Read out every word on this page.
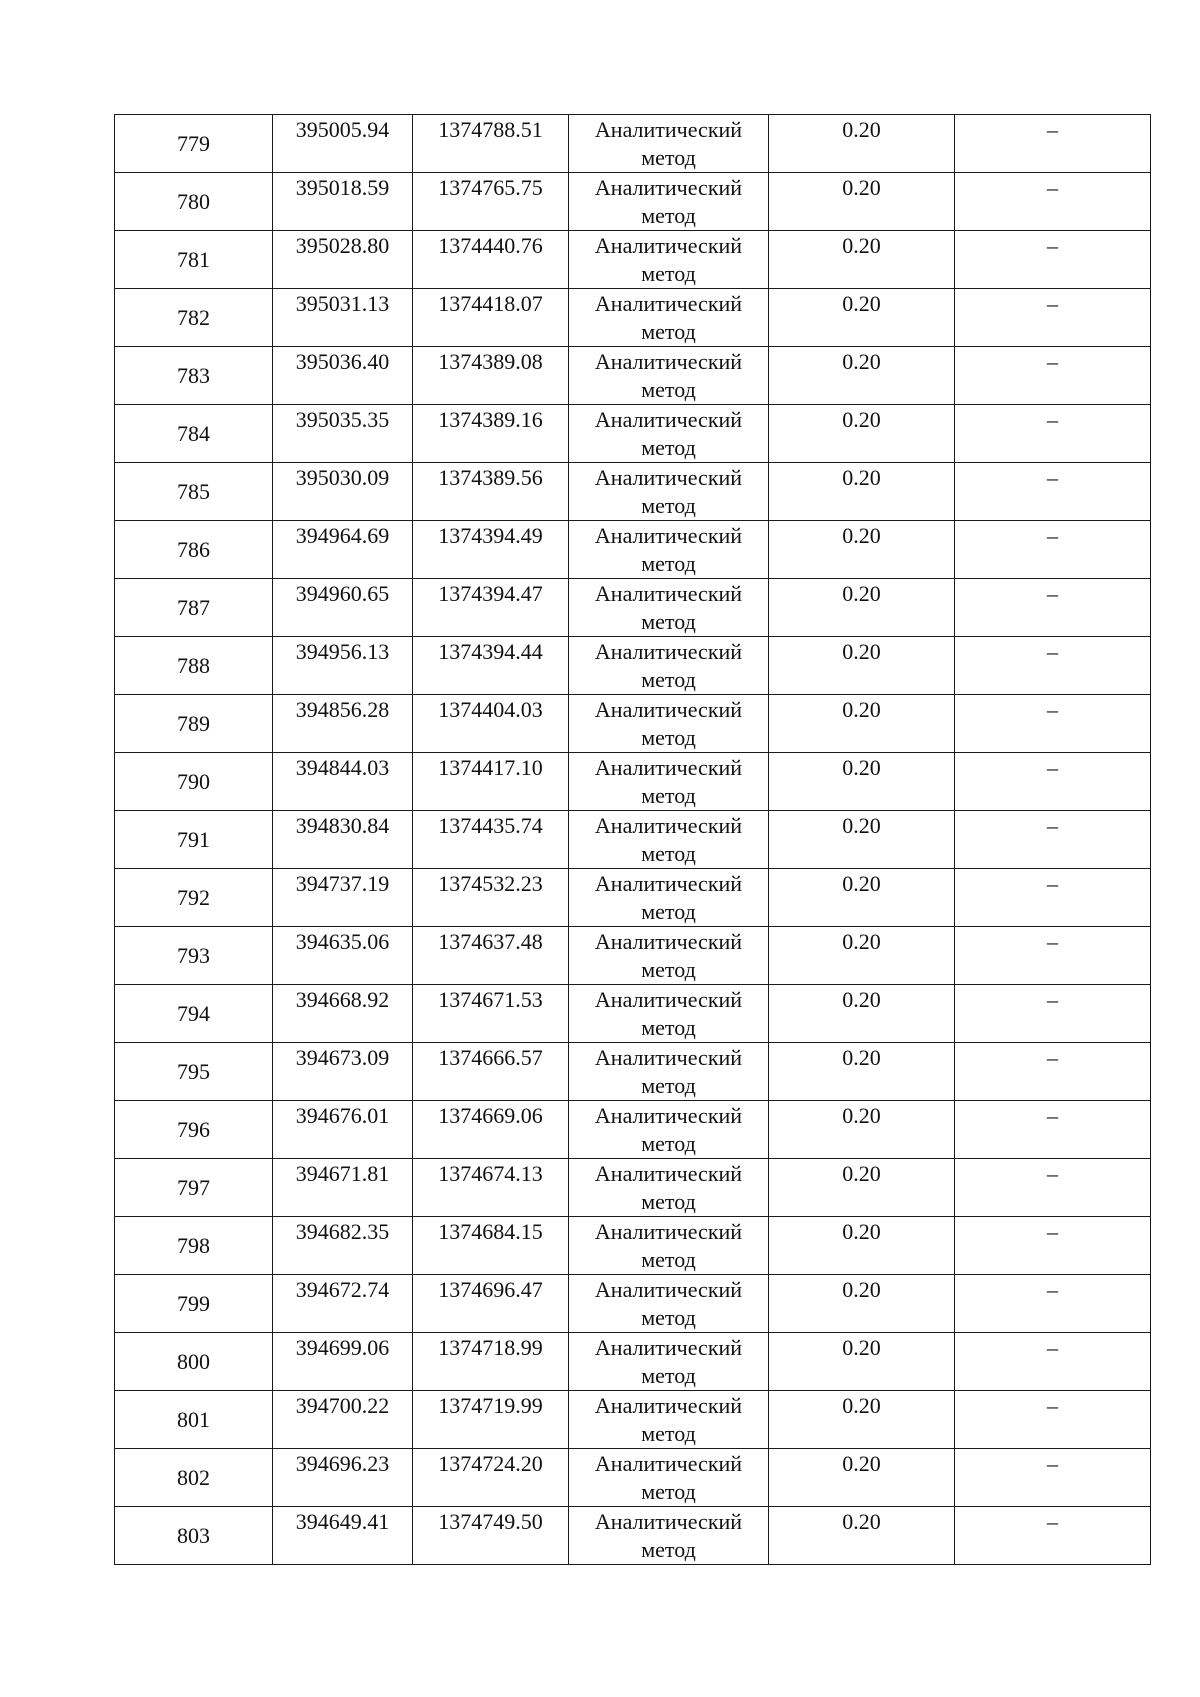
779	395005.94	1374788.51	Аналитический метод	0.20	–

780	395018.59	1374765.75	Аналитический метод	0.20	–

781	395028.80	1374440.76	Аналитический метод	0.20	–

782	395031.13	1374418.07	Аналитический метод	0.20	–

783	395036.40	1374389.08	Аналитический метод	0.20	–

784	395035.35	1374389.16	Аналитический метод	0.20	–

785	395030.09	1374389.56	Аналитический метод	0.20	–

786	394964.69	1374394.49	Аналитический метод	0.20	–

787	394960.65	1374394.47	Аналитический метод	0.20	–

788	394956.13	1374394.44	Аналитический метод	0.20	–

789	394856.28	1374404.03	Аналитический метод	0.20	–

790	394844.03	1374417.10	Аналитический метод	0.20	–

791	394830.84	1374435.74	Аналитический метод	0.20	–

792	394737.19	1374532.23	Аналитический метод	0.20	–

793	394635.06	1374637.48	Аналитический метод	0.20	–

794	394668.92	1374671.53	Аналитический метод	0.20	–

795	394673.09	1374666.57	Аналитический метод	0.20	–

796	394676.01	1374669.06	Аналитический метод	0.20	–

797	394671.81	1374674.13	Аналитический метод	0.20	–

798	394682.35	1374684.15	Аналитический метод	0.20	–

799	394672.74	1374696.47	Аналитический метод	0.20	–

800	394699.06	1374718.99	Аналитический метод	0.20	–

801	394700.22	1374719.99	Аналитический метод	0.20	–

802	394696.23	1374724.20	Аналитический метод	0.20	–

803	394649.41	1374749.50	Аналитический метод	0.20	–
